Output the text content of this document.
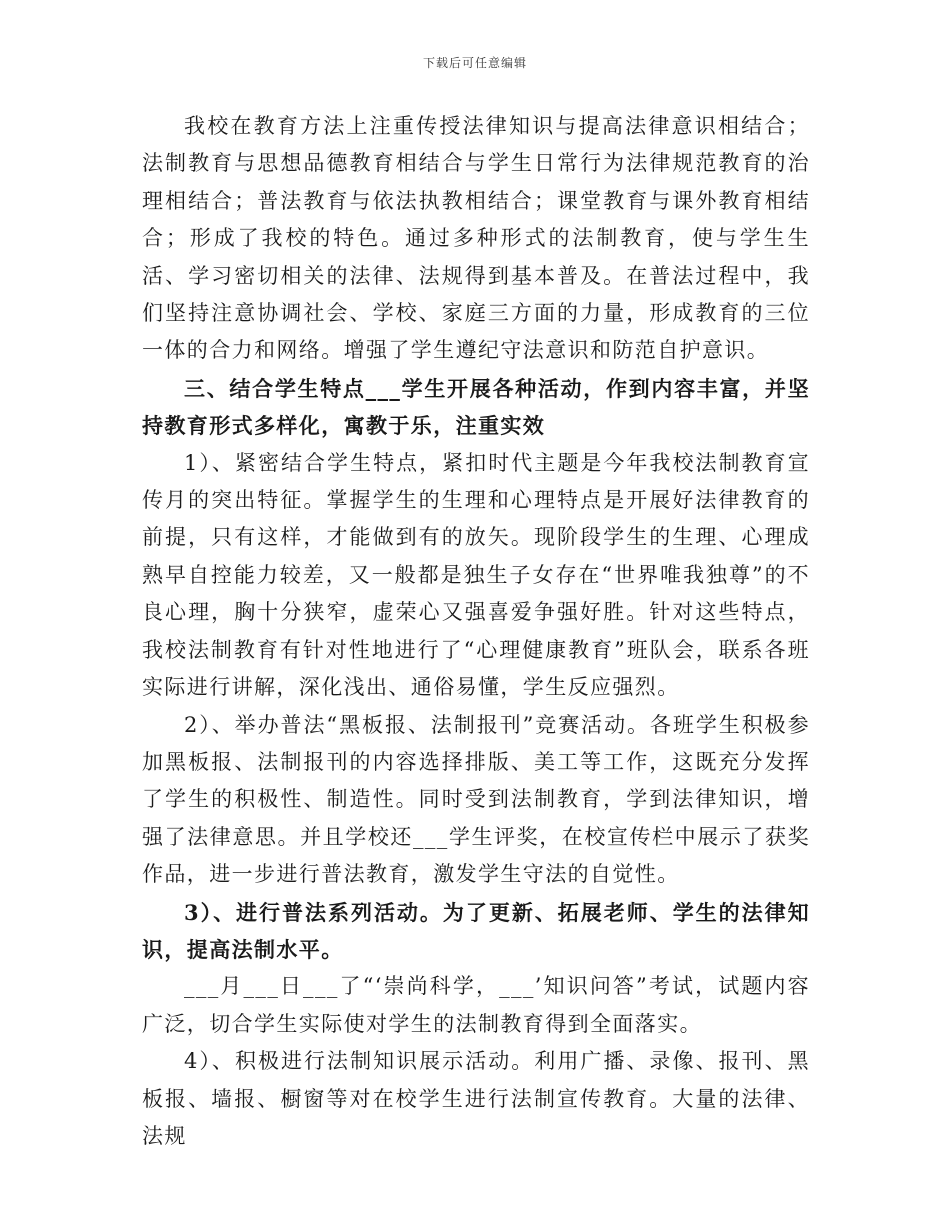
下载后可任意编辑

我校在教育方法上注重传授法律知识与提高法律意识相结合；法制教育与思想品德教育相结合与学生日常行为法律规范教育的治理相结合；普法教育与依法执教相结合；课堂教育与课外教育相结合；形成了我校的特色。通过多种形式的法制教育，使与学生生活、学习密切相关的法律、法规得到基本普及。在普法过程中，我们坚持注意协调社会、学校、家庭三方面的力量，形成教育的三位一体的合力和网络。增强了学生遵纪守法意识和防范自护意识。

三、结合学生特点___学生开展各种活动，作到内容丰富，并坚持教育形式多样化，寓教于乐，注重实效

1）、紧密结合学生特点，紧扣时代主题是今年我校法制教育宣传月的突出特征。掌握学生的生理和心理特点是开展好法律教育的前提，只有这样，才能做到有的放矢。现阶段学生的生理、心理成熟早自控能力较差，又一般都是独生子女存在“世界唯我独尊”的不良心理，胸十分狭窄，虚荣心又强喜爱争强好胜。针对这些特点，我校法制教育有针对性地进行了“心理健康教育”班队会，联系各班实际进行讲解，深化浅出、通俗易懂，学生反应强烈。

2）、举办普法“黑板报、法制报刊”竞赛活动。各班学生积极参加黑板报、法制报刊的内容选择排版、美工等工作，这既充分发挥了学生的积极性、制造性。同时受到法制教育，学到法律知识，增强了法律意思。并且学校还___学生评奖，在校宣传栏中展示了获奖作品，进一步进行普法教育，激发学生守法的自觉性。

3）、进行普法系列活动。为了更新、拓展老师、学生的法律知识，提高法制水平。

___月___日___了“‘崇尚科学，___’知识问答”考试，试题内容广泛，切合学生实际使对学生的法制教育得到全面落实。

4）、积极进行法制知识展示活动。利用广播、录像、报刊、黑板报、墙报、橱窗等对在校学生进行法制宣传教育。大量的法律、法规
